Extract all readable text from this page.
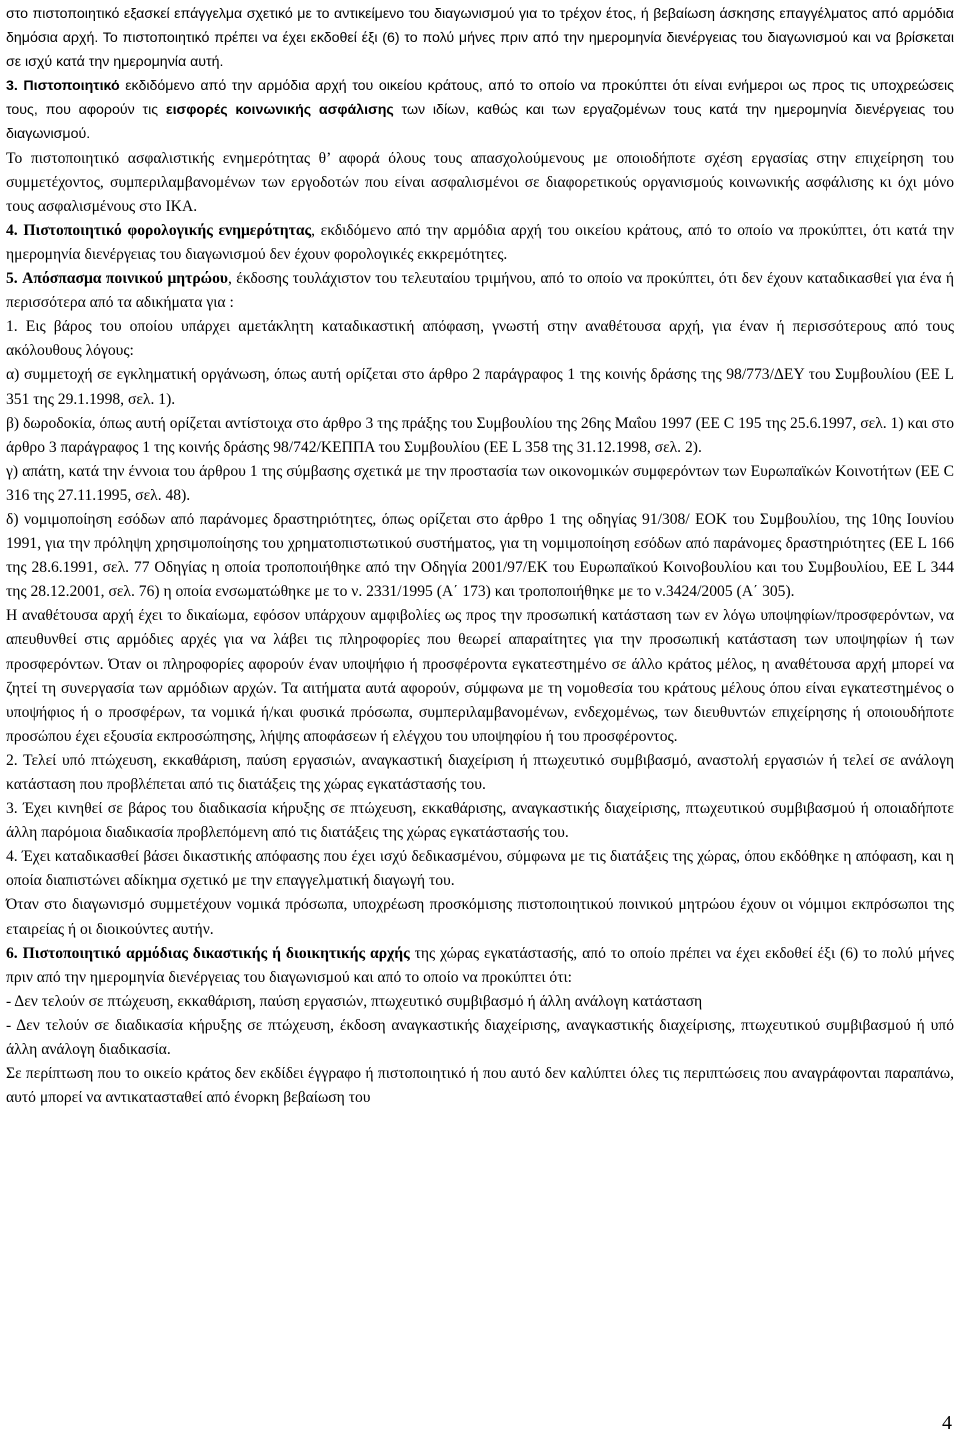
στο πιστοποιητικό εξασκεί επάγγελμα σχετικό με το αντικείμενο του διαγωνισμού για το τρέχον έτος, ή βεβαίωση άσκησης επαγγέλματος από αρμόδια δημόσια αρχή. Το πιστοποιητικό πρέπει να έχει εκδοθεί έξι (6) το πολύ μήνες πριν από την ημερομηνία διενέργειας του διαγωνισμού και να βρίσκεται σε ισχύ κατά την ημερομηνία αυτή.

3. Πιστοποιητικό εκδιδόμενο από την αρμόδια αρχή του οικείου κράτους, από το οποίο να προκύπτει ότι είναι ενήμεροι ως προς τις υποχρεώσεις τους, που αφορούν τις εισφορές κοινωνικής ασφάλισης των ιδίων, καθώς και των εργαζομένων τους κατά την ημερομηνία διενέργειας του διαγωνισμού.

Το πιστοποιητικό ασφαλιστικής ενημερότητας θ’ αφορά όλους τους απασχολούμενους με οποιοδήποτε σχέση εργασίας στην επιχείρηση του συμμετέχοντος, συμπεριλαμβανομένων των εργοδοτών που είναι ασφαλισμένοι σε διαφορετικούς οργανισμούς κοινωνικής ασφάλισης κι όχι μόνο τους ασφαλισμένους στο ΙΚΑ.

4. Πιστοποιητικό φορολογικής ενημερότητας, εκδιδόμενο από την αρμόδια αρχή του οικείου κράτους, από το οποίο να προκύπτει, ότι κατά την ημερομηνία διενέργειας του διαγωνισμού δεν έχουν φορολογικές εκκρεμότητες.

5. Απόσπασμα ποινικού μητρώου, έκδοσης τουλάχιστον του τελευταίου τριμήνου, από το οποίο να προκύπτει, ότι δεν έχουν καταδικασθεί για ένα ή περισσότερα από τα αδικήματα για :

1. Εις βάρος του οποίου υπάρχει αμετάκλητη καταδικαστική απόφαση, γνωστή στην αναθέτουσα αρχή, για έναν ή περισσότερους από τους ακόλουθους λόγους:

α) συμμετοχή σε εγκληματική οργάνωση, όπως αυτή ορίζεται στο άρθρο 2 παράγραφος 1 της κοινής δράσης της 98/773/ΔΕΥ του Συμβουλίου (ΕΕ L 351 της 29.1.1998, σελ. 1).

β) δωροδοκία, όπως αυτή ορίζεται αντίστοιχα στο άρθρο 3 της πράξης του Συμβουλίου της 26ης Μαΐου 1997 (ΕΕ C 195 της 25.6.1997, σελ. 1) και στο άρθρο 3 παράγραφος 1 της κοινής δράσης 98/742/ΚΕΠΠΑ του Συμβουλίου (ΕΕ L 358 της 31.12.1998, σελ. 2).

γ) απάτη, κατά την έννοια του άρθρου 1 της σύμβασης σχετικά με την προστασία των οικονομικών συμφερόντων των Ευρωπαϊκών Κοινοτήτων (ΕΕ C 316 της 27.11.1995, σελ. 48).

δ) νομιμοποίηση εσόδων από παράνομες δραστηριότητες, όπως ορίζεται στο άρθρο 1 της οδηγίας 91/308/ ΕΟΚ του Συμβουλίου, της 10ης Ιουνίου 1991, για την πρόληψη χρησιμοποίησης του χρηματοπιστωτικού συστήματος, για τη νομιμοποίηση εσόδων από παράνομες δραστηριότητες (ΕΕ L 166 της 28.6.1991, σελ. 77 Οδηγίας η οποία τροποποιήθηκε από την Οδηγία 2001/97/ΕΚ του Ευρωπαϊκού Κοινοβουλίου και του Συμβουλίου, ΕΕ L 344 της 28.12.2001, σελ. 76) η οποία ενσωματώθηκε με το ν. 2331/1995 (Α΄ 173) και τροποποιήθηκε με το ν.3424/2005 (Α΄ 305).

Η αναθέτουσα αρχή έχει το δικαίωμα, εφόσον υπάρχουν αμφιβολίες ως προς την προσωπική κατάσταση των εν λόγω υποψηφίων/προσφερόντων, να απευθυνθεί στις αρμόδιες αρχές για να λάβει τις πληροφορίες που θεωρεί απαραίτητες για την προσωπική κατάσταση των υποψηφίων ή των προσφερόντων. Όταν οι πληροφορίες αφορούν έναν υποψήφιο ή προσφέροντα εγκατεστημένο σε άλλο κράτος μέλος, η αναθέτουσα αρχή μπορεί να ζητεί τη συνεργασία των αρμόδιων αρχών. Τα αιτήματα αυτά αφορούν, σύμφωνα με τη νομοθεσία του κράτους μέλους όπου είναι εγκατεστημένος ο υποψήφιος ή ο προσφέρων, τα νομικά ή/και φυσικά πρόσωπα, συμπεριλαμβανομένων, ενδεχομένως, των διευθυντών επιχείρησης ή οποιουδήποτε προσώπου έχει εξουσία εκπροσώπησης, λήψης αποφάσεων ή ελέγχου του υποψηφίου ή του προσφέροντος.

2. Τελεί υπό πτώχευση, εκκαθάριση, παύση εργασιών, αναγκαστική διαχείριση ή πτωχευτικό συμβιβασμό, αναστολή εργασιών ή τελεί σε ανάλογη κατάσταση που προβλέπεται από τις διατάξεις της χώρας εγκατάστασής του.

3. Έχει κινηθεί σε βάρος του διαδικασία κήρυξης σε πτώχευση, εκκαθάρισης, αναγκαστικής διαχείρισης, πτωχευτικού συμβιβασμού ή οποιαδήποτε άλλη παρόμοια διαδικασία προβλεπόμενη από τις διατάξεις της χώρας εγκατάστασής του.

4. Έχει καταδικασθεί βάσει δικαστικής απόφασης που έχει ισχύ δεδικασμένου, σύμφωνα με τις διατάξεις της χώρας, όπου εκδόθηκε η απόφαση, και η οποία διαπιστώνει αδίκημα σχετικό με την επαγγελματική διαγωγή του.

Όταν στο διαγωνισμό συμμετέχουν νομικά πρόσωπα, υποχρέωση προσκόμισης πιστοποιητικού ποινικού μητρώου έχουν οι νόμιμοι εκπρόσωποι της εταιρείας ή οι διοικούντες αυτήν.

6. Πιστοποιητικό αρμόδιας δικαστικής ή διοικητικής αρχής της χώρας εγκατάστασής, από το οποίο πρέπει να έχει εκδοθεί έξι (6) το πολύ μήνες πριν από την ημερομηνία διενέργειας του διαγωνισμού και από το οποίο να προκύπτει ότι:

- Δεν τελούν σε πτώχευση, εκκαθάριση, παύση εργασιών, πτωχευτικό συμβιβασμό ή άλλη ανάλογη κατάσταση

- Δεν τελούν σε διαδικασία κήρυξης σε πτώχευση, έκδοση αναγκαστικής διαχείρισης, αναγκαστικής διαχείρισης, πτωχευτικού συμβιβασμού ή υπό άλλη ανάλογη διαδικασία.

Σε περίπτωση που το οικείο κράτος δεν εκδίδει έγγραφο ή πιστοποιητικό ή που αυτό δεν καλύπτει όλες τις περιπτώσεις που αναγράφονται παραπάνω, αυτό μπορεί να αντικατασταθεί από ένορκη βεβαίωση του

4
